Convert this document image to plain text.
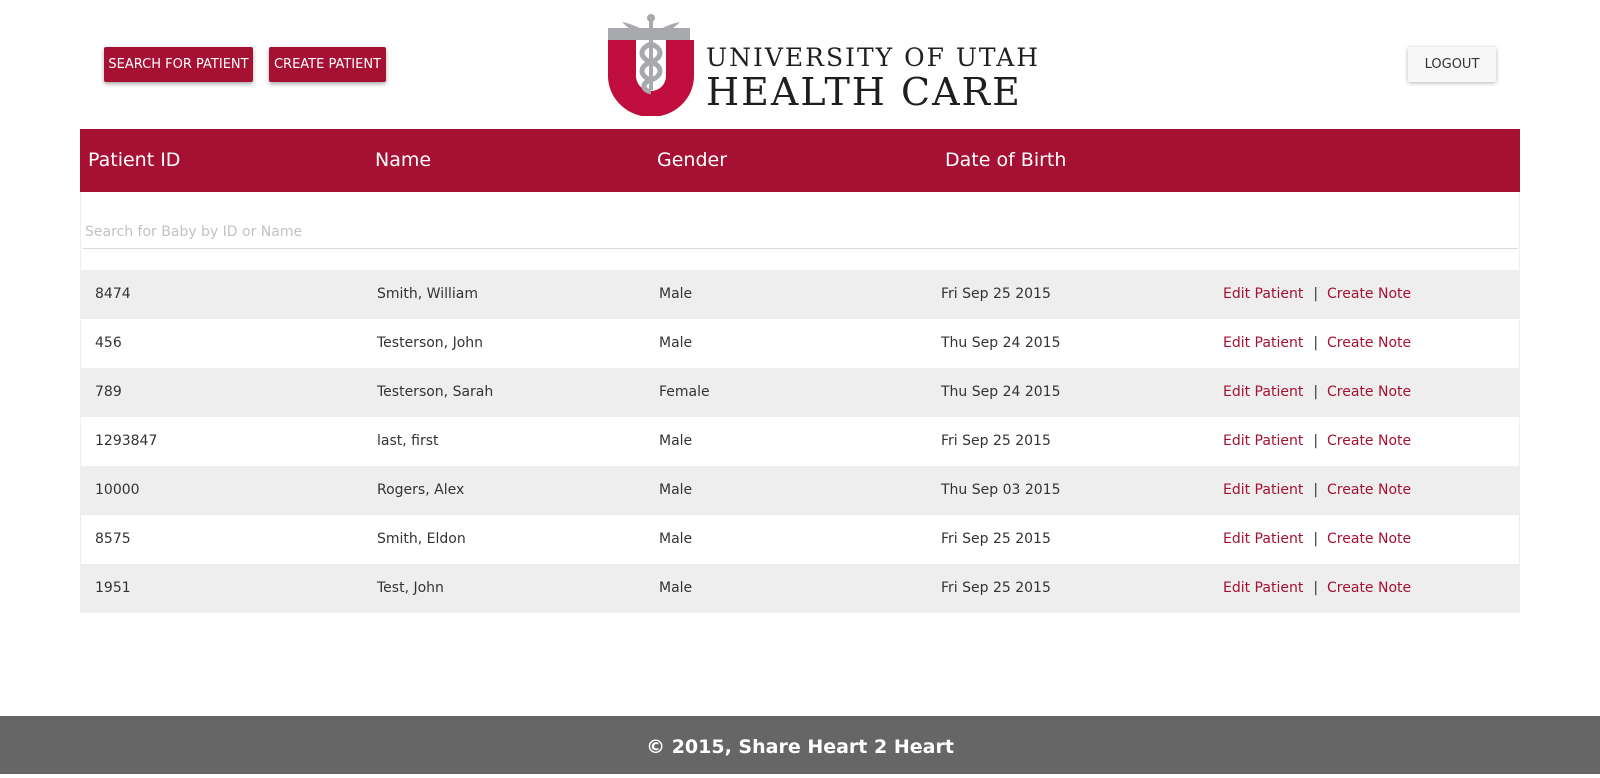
SEARCH FOR PATIENT	CREATE PATIENT	LOGOUT
UNIVERSITY OF UTAH
HEALTH CARE
Patient ID	Name	Gender	Date of Birth
Search for Baby by ID or Name
8474	Smith, William	Male	Fri Sep 25 2015	Edit Patient | Create Note
456	Testerson, John	Male	Thu Sep 24 2015	Edit Patient | Create Note
789	Testerson, Sarah	Female	Thu Sep 24 2015	Edit Patient | Create Note
1293847	last, first	Male	Fri Sep 25 2015	Edit Patient | Create Note
10000	Rogers, Alex	Male	Thu Sep 03 2015	Edit Patient | Create Note
8575	Smith, Eldon	Male	Fri Sep 25 2015	Edit Patient | Create Note
1951	Test, John	Male	Fri Sep 25 2015	Edit Patient | Create Note
© 2015, Share Heart 2 Heart
